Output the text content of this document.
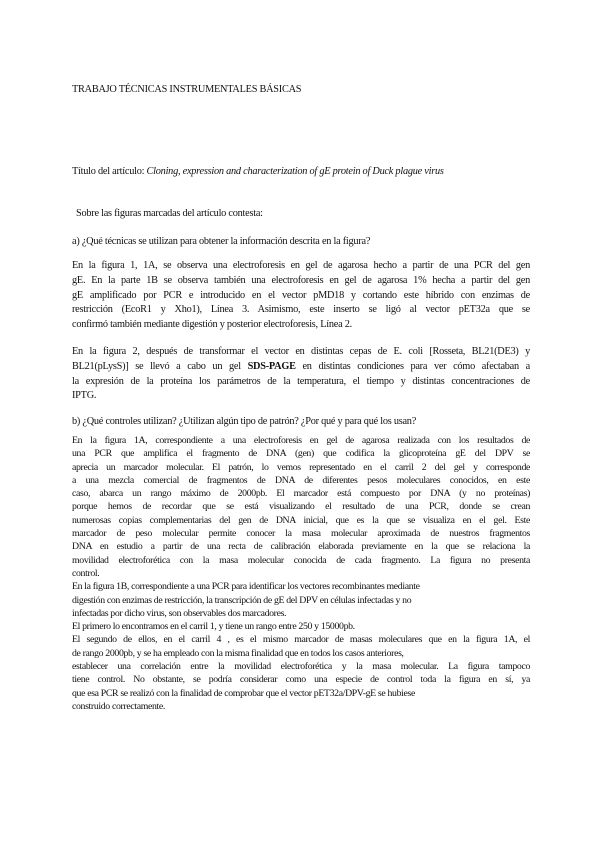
TRABAJO TÉCNICAS INSTRUMENTALES BÁSICAS
Título del artículo: Cloning, expression and characterization of gE protein of Duck plague virus
Sobre las figuras marcadas del artículo contesta:
a) ¿Qué técnicas se utilizan para obtener la información descrita en la figura?
En la figura 1, 1A, se observa una electroforesis en gel de agarosa hecho a partir de una PCR del gen
gE. En la parte 1B se observa también una electroforesis en gel de agarosa 1% hecha a partir del gen
gE amplificado por PCR e introducido en el vector pMD18 y cortando este híbrido con enzimas de
restricción (EcoR1 y Xho1), Línea 3. Asimismo, este inserto se ligó al vector pET32a que se
confirmó también mediante digestión y posterior electroforesis, Línea 2.
En la figura 2, después de transformar el vector en distintas cepas de E. coli [Rosseta, BL21(DE3) y
BL21(pLysS)] se llevó a cabo un gel SDS-PAGE en distintas condiciones para ver cómo afectaban a
la expresión de la proteína los parámetros de la temperatura, el tiempo y distintas concentraciones de
IPTG.
b) ¿Qué controles utilizan? ¿Utilizan algún tipo de patrón? ¿Por qué y para qué los usan?
En la figura 1A, correspondiente a una electroforesis en gel de agarosa realizada con los resultados de
una PCR que amplifica el fragmento de DNA (gen) que codifica la glicoproteína gE del DPV se
aprecia un marcador molecular. El patrón, lo vemos representado en el carril 2 del gel y corresponde
a una mezcla comercial de fragmentos de DNA de diferentes pesos moleculares conocidos, en este
caso, abarca un rango máximo de 2000pb. El marcador está compuesto por DNA (y no proteínas)
porque hemos de recordar que se está visualizando el resultado de una PCR, donde se crean
numerosas copias complementarias del gen de DNA inicial, que es la que se visualiza en el gel. Este
marcador de peso molecular permite conocer la masa molecular aproximada de nuestros fragmentos
DNA en estudio a partir de una recta de calibración elaborada previamente en la que se relaciona la
movilidad electroforética con la masa molecular conocida de cada fragmento. La figura no presenta
control.
En la figura 1B, correspondiente a una PCR para identificar los vectores recombinantes mediante
digestión con enzimas de restricción, la transcripción de gE del DPV en células infectadas y no
infectadas por dicho virus, son observables dos marcadores.
El primero lo encontramos en el carril 1, y tiene un rango entre 250 y 15000pb.
El segundo de ellos, en el carril 4 , es el mismo marcador de masas moleculares que en la figura 1A, el
de rango 2000pb, y se ha empleado con la misma finalidad que en todos los casos anteriores,
establecer una correlación entre la movilidad electroforética y la masa molecular. La figura tampoco
tiene control. No obstante, se podría considerar como una especie de control toda la figura en sí, ya
que esa PCR se realizó con la finalidad de comprobar que el vector pET32a/DPV-gE se hubiese
construido correctamente.
